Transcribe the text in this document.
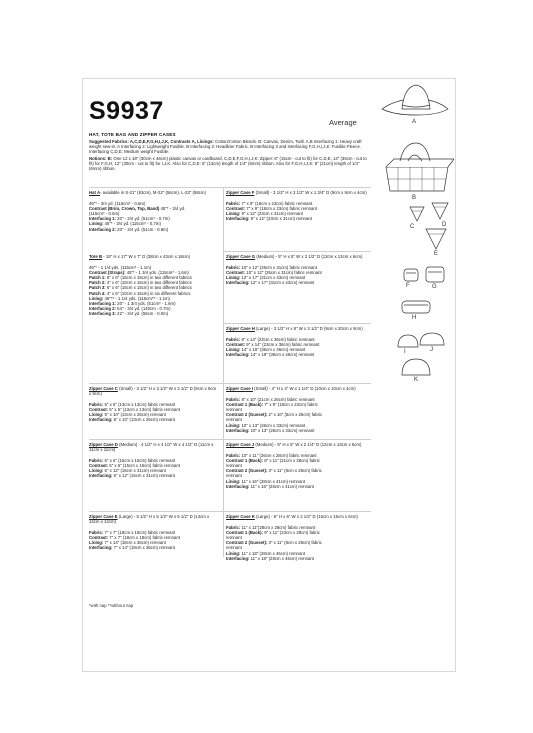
S9937	Average
HAT, TOTE BAG AND ZIPPER CASES

Suggested Fabrics: A,C,D,E,F,G,H,I,J,K, Contrasts A, Linings: Cotton/Cotton Blends. B: Canvas, Denim, Twill. A,B Interfacing 1: Heavy craft weight sew-in. A Interfacing 2: Lightweight Fusible. B Interfacing 2: Headliner Fabric. B Interfacing 3 and Interfacing F,G,H,I,J,K: Fusible Fleece. Interfacing C,D,E: Medium weight Fusible.

Notions: B: One 12 x 18" (30cm x 46cm) plastic canvas or cardboard. C,D,E,F,G,H,I,J,K: Zipper: 6" (15cm - cut to fit) for C,D,E, 14" (36cm - cut to fit) for F,G,H, 12" (30cm - cut to fit) for I,J,K. Also for C,D,E: 5" (13cm) length of 1/4" (6mm) ribbon. Also for F,G,H,I,J,K: 8" (21cm) length of 1/4" (6mm) ribbon.

Hat A- available in S-21" (53cm), M-22" (56cm), L-23" (58cm)
45"* - 3/4 yd. (115cm* - 0.6m)
Contrast (Brim, Crown, Top, Band) 45"* - 3/4 yd.
(115cm* - 0.6m)
Interfacing 1: 20" - 3/4 yd. (51cm* - 0.7m)
Lining: 45"* - 3/4 yd. (115cm* - 0.7m)
Interfacing 2: 20" - 3/4 yd. (51cm - 0.8m)
Tote B - 15" H x 17" W x 7" D (38cm x 43cm x 18cm)
45"* - 1 1/4 yds. (115cm* - 1.1m)
Contrast (Straps): 45"* - 1 3/4 yds. (115cm* - 1.6m)
Patch 1: 6" x 6" (15cm x 15cm) in two different fabrics
Patch 2: 4" x 6" (10cm x 15cm) in two different fabrics
Patch 3: 6" x 6" (15cm x 15cm) in two different fabrics
Patch 4: 4" x 6" (10cm x 15cm) in six different fabrics
Lining: 45"** - 1 1/4 yds. (115cm** - 1.1m)
Interfacing 1: 20" - 1 3/4 yds. (51cm* - 1.6m)
Interfacing 2: 54" - 3/4 yd. (140cm - 0.7m)
Interfacing 3: 22" - 3/4 yd. (56cm - 0.0m)
Zipper Case C (Small) - 3 1/2" H x 3 1/2" W x 3 1/2" D (9cm x 9cm x 9cm)
Fabric: 5" x 5" (13cm x 13cm) fabric remnant
Contrast: 5" x 5" (13cm x 13cm) fabric remnant
Lining: 5" x 10" (13cm x 26cm) remnant
Interfacing: 5" x 10" (13cm x 26cm) remnant
Zipper Case D (Medium) - 4 1/2" H x 4 1/2" W x 4 1/2" D (11cm x 11cm x 11cm)
Fabric: 6" x 6" (15cm x 15cm) fabric remnant
Contrast: 6" x 6" (15cm x 15cm) fabric remnant
Lining: 6" x 12" (15cm x 31cm) remnant
Interfacing: 6" x 12" (15cm x 31cm) remnant
Zipper Case E (Large) - 5 1/2" H x 5 1/2" W x 5 1/2" D (14cm x 14cm x 14cm)
Fabric: 7" x 7" (18cm x 18cm) fabric remnant
Contrast: 7" x 7" (18cm x 18cm) fabric remnant
Lining: 7" x 14" (18cm x 36cm) remnant
Interfacing: 7" x 14" (18cm x 36cm) remnant
Zipper Case F (Small) - 3 1/2" H x 3 1/2" W x 1 3/4" D (9cm x 9cm x 4cm)
Fabric: 7" x 9" (18cm x 23cm) fabric remnant
Contrast: 7" x 9" (18cm x 23cm) fabric remnant
Lining: 9" x 12" (23cm x 31cm) remnant
Interfacing: 9" x 12" (23cm x 31cm) remnant
Zipper Case G (Medium) - 5" H x 5" W x 2 1/2" D (13cm x 13cm x 6cm)
Fabric: 10" x 12" (26cm x 31cm) fabric remnant
Contrast: 10" x 12" (26cm x 31cm) fabric remnant
Lining: 12" x 17" (31cm x 43cm) remnant
Interfacing: 12" x 17" (31cm x 43cm) remnant
Zipper Case H (Large) - 3 1/2" H x 8" W x 3 1/2" D (9cm x 20cm x 9cm)
Fabric: 9" x 14" (23cm x 36cm) fabric remnant
Contrast: 9" x 14" (23cm x 36cm) fabric remnant
Lining: 14" x 18" (36cm x 46cm) remnant
Interfacing: 14" x 18" (36cm x 46cm) remnant
Zipper Case I (Small) - 4" H x 4" W x 1 1/4" D (10cm x 10cm x 4cm)
Fabric: 8" x 10" (21cm x 26cm) fabric remnant
Contrast 1 (Back): 7" x 9" (18cm x 23cm) fabric
remnant
Contrast 2 (Gusset): 2" x 10" (5cm x 26cm) fabric
remnant
Lining: 10" x 13" (26cm x 33cm) remnant
Interfacing: 10" x 13" (26cm x 33cm) remnant
Zipper Case J (Medium) - 5" H x 5" W x 2 1/4" D (13cm x 13cm x 6cm)
Fabric: 10" x 11" (26cm x 28cm) fabric remnant
Contrast 1 (Back): 8" x 11" (21cm x 28cm) fabric
remnant
Contrast 2 (Gusset): 3" x 11" (8cm x 28cm) fabric
remnant
Lining: 11" x 16" (28cm x 41cm) remnant
Interfacing: 11" x 16" (28cm x 41cm) remnant
Zipper Case K (Large) - 6" H x 6" W x 2 1/2" D (15cm x 15cm x 6cm)
Fabric: 11" x 11"(28cm x 28cm) fabric remnant
Contrast 1 (Back): 9" x 11" (23cm x 28cm) fabric
remnant
Contrast 2 (Gusset): 3" x 11" (8cm x 28cm) fabric
remnant
Lining: 11" x 18" (28cm x 46cm) remnant
Interfacing: 11" x 18" (28cm x 46cm) remnant
*with nap **without nap
A
B
C	D
E
F	G
H
I	J
K
